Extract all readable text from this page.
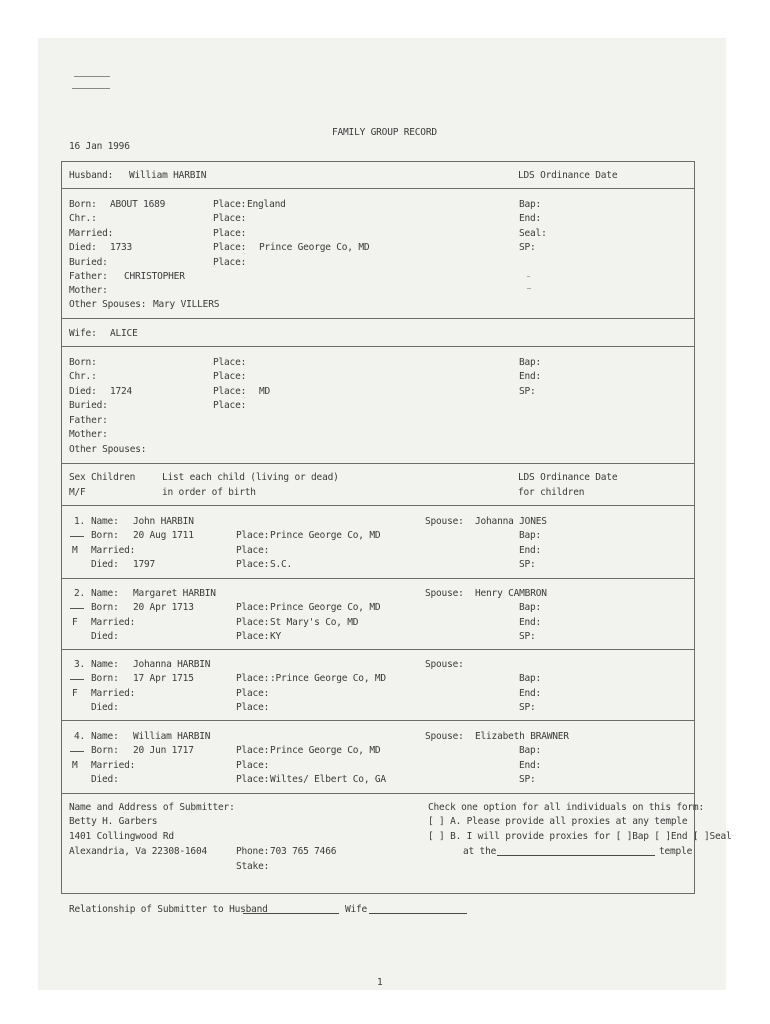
FAMILY GROUP RECORD
16 Jan 1996
Husband: William HARBIN	LDS Ordinance Date
Born: ABOUT 1689	Place: England	Bap:
Chr.:	Place:	End:
Married:	Place:	Seal:
Died: 1733	Place: Prince George Co, MD	SP:
Buried:	Place:
Father: CHRISTOPHER
Mother:
Other Spouses: Mary VILLERS
Wife: ALICE
Born:	Place:	Bap:
Chr.:	Place:	End:
Died: 1724	Place: MD	SP:
Buried:	Place:
Father:
Mother:
Other Spouses:
Sex Children	List each child (living or dead)	LDS Ordinance Date
M/F	in order of birth	for children
1. Name: John HARBIN	Spouse: Johanna JONES
Born: 20 Aug 1711	Place: Prince George Co, MD	Bap:
M Married:	Place:	End:
Died: 1797	Place: S.C.	SP:
2. Name: Margaret HARBIN	Spouse: Henry CAMBRON
Born: 20 Apr 1713	Place: Prince George Co, MD	Bap:
F Married:	Place: St Mary's Co, MD	End:
Died:	Place: KY	SP:
3. Name: Johanna HARBIN	Spouse:
Born: 17 Apr 1715	Place: :Prince George Co, MD	Bap:
F Married:	Place:	End:
Died:	Place:	SP:
4. Name: William HARBIN	Spouse: Elizabeth BRAWNER
Born: 20 Jun 1717	Place: Prince George Co, MD	Bap:
M Married:	Place:	End:
Died:	Place: Wiltes/ Elbert Co, GA	SP:
Name and Address of Submitter:
Betty H. Garbers
1401 Collingwood Rd
Alexandria, Va 22308-1604	Phone: 703 765 7466
Stake:
Check one option for all individuals on this form:
[ ] A. Please provide all proxies at any temple
[ ] B. I will provide proxies for [ ]Bap [ ]End [ ]Seal
at the	temple
Relationship of Submitter to Husband	Wife
1
